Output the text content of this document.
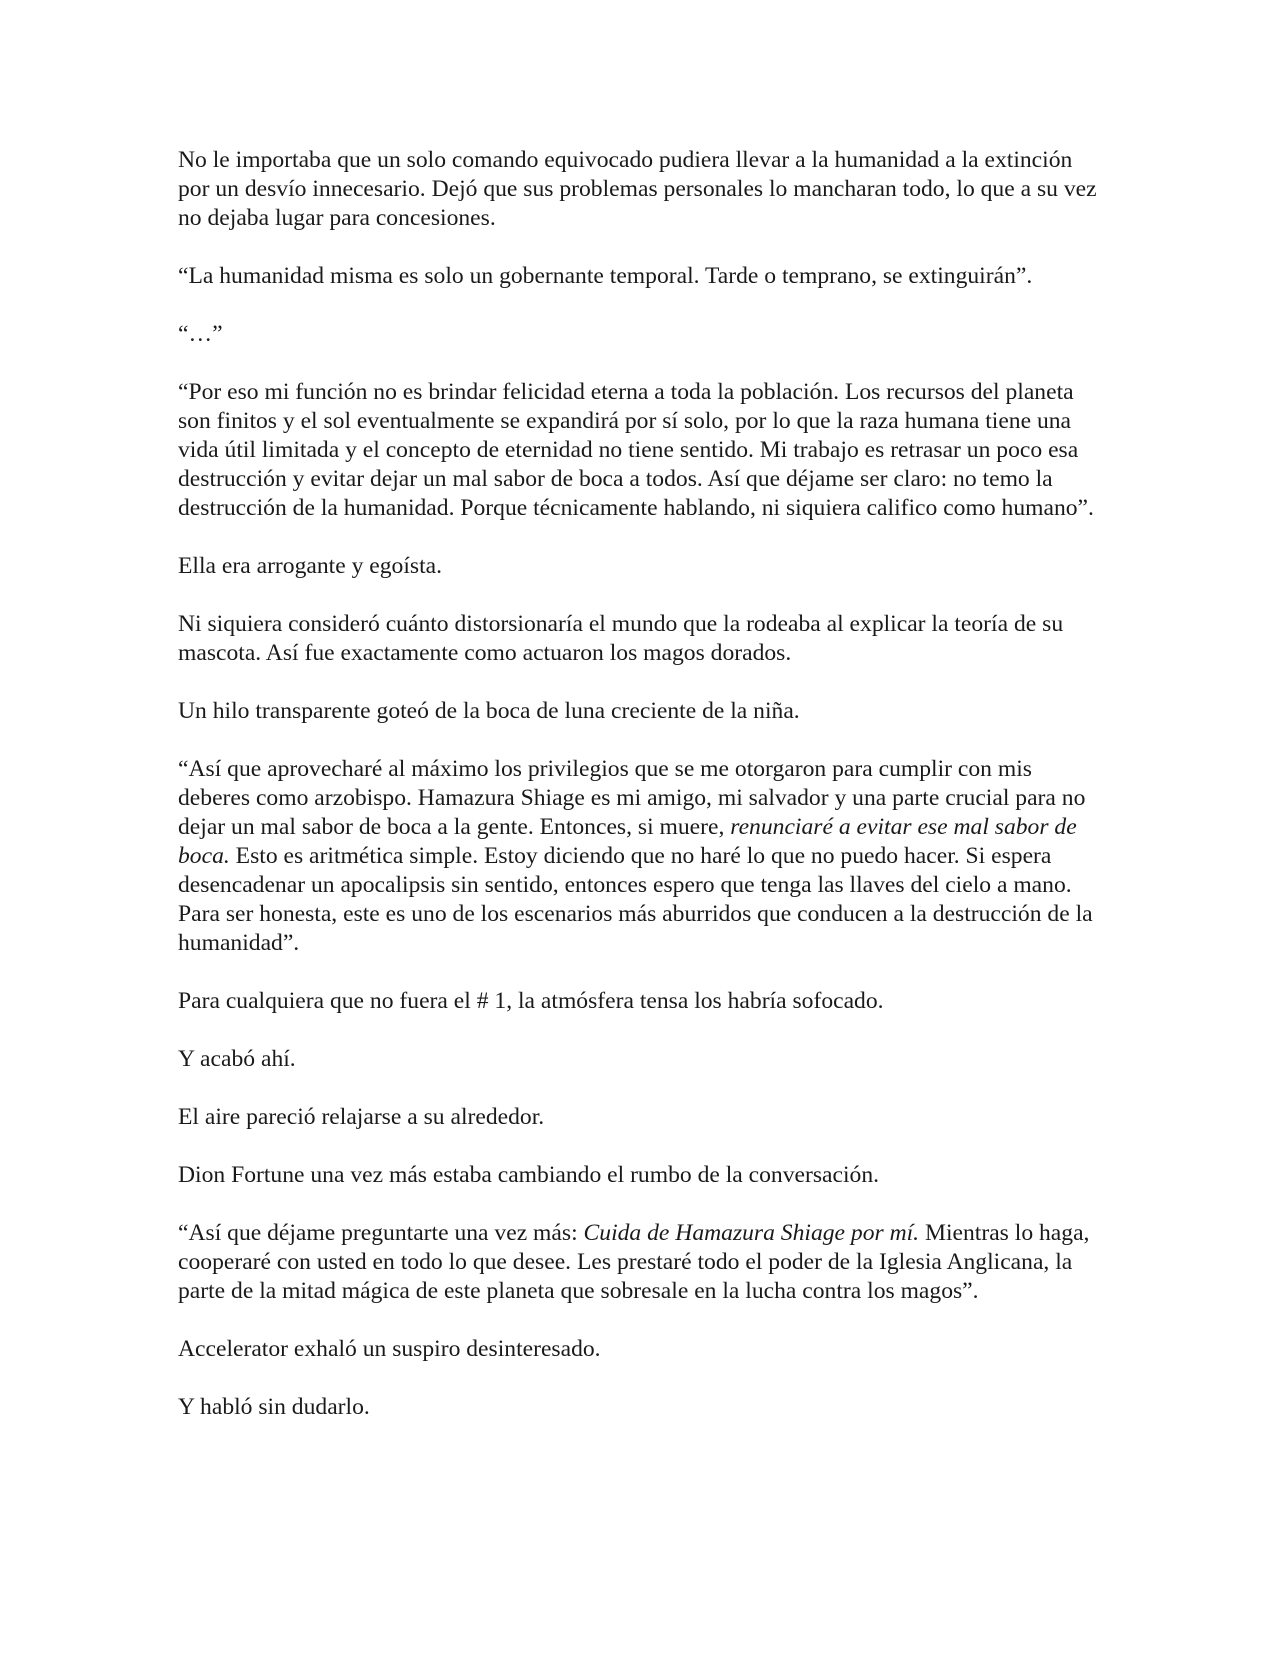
No le importaba que un solo comando equivocado pudiera llevar a la humanidad a la extinción por un desvío innecesario. Dejó que sus problemas personales lo mancharan todo, lo que a su vez no dejaba lugar para concesiones.

“La humanidad misma es solo un gobernante temporal. Tarde o temprano, se extinguirán”.

“…”

“Por eso mi función no es brindar felicidad eterna a toda la población. Los recursos del planeta son finitos y el sol eventualmente se expandirá por sí solo, por lo que la raza humana tiene una vida útil limitada y el concepto de eternidad no tiene sentido. Mi trabajo es retrasar un poco esa destrucción y evitar dejar un mal sabor de boca a todos. Así que déjame ser claro: no temo la destrucción de la humanidad. Porque técnicamente hablando, ni siquiera califico como humano”.

Ella era arrogante y egoísta.

Ni siquiera consideró cuánto distorsionaría el mundo que la rodeaba al explicar la teoría de su mascota. Así fue exactamente como actuaron los magos dorados.

Un hilo transparente goteó de la boca de luna creciente de la niña.

“Así que aprovecharé al máximo los privilegios que se me otorgaron para cumplir con mis deberes como arzobispo. Hamazura Shiage es mi amigo, mi salvador y una parte crucial para no dejar un mal sabor de boca a la gente. Entonces, si muere, renunciaré a evitar ese mal sabor de boca. Esto es aritmética simple. Estoy diciendo que no haré lo que no puedo hacer. Si espera desencadenar un apocalipsis sin sentido, entonces espero que tenga las llaves del cielo a mano. Para ser honesta, este es uno de los escenarios más aburridos que conducen a la destrucción de la humanidad”.

Para cualquiera que no fuera el # 1, la atmósfera tensa los habría sofocado.

Y acabó ahí.

El aire pareció relajarse a su alrededor.

Dion Fortune una vez más estaba cambiando el rumbo de la conversación.

“Así que déjame preguntarte una vez más: Cuida de Hamazura Shiage por mí. Mientras lo haga, cooperaré con usted en todo lo que desee. Les prestaré todo el poder de la Iglesia Anglicana, la parte de la mitad mágica de este planeta que sobresale en la lucha contra los magos”.

Accelerator exhaló un suspiro desinteresado.

Y habló sin dudarlo.
